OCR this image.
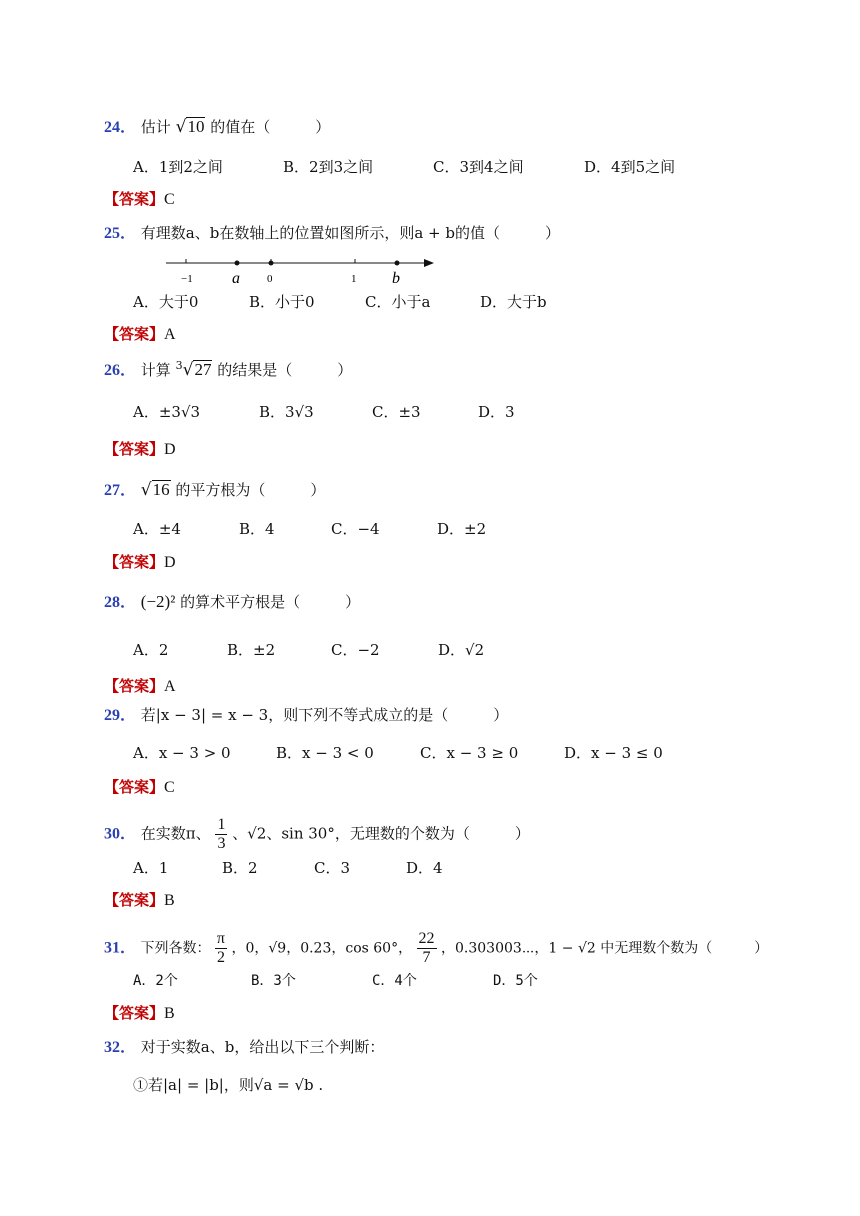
24． 估计 √10 的值在（　　　）
A．1到2之间	B．2到3之间	C．3到4之间	D．4到5之间
【答案】C
25． 有理数a、b在数轴上的位置如图所示，则a + b的值（　　　）
−1	0	1
a	b
A．大于0	B．小于0	C．小于a	D．大于b
【答案】A
26． 计算 $^3$√27 的结果是（　　　）
A．±3√3	B．3√3	C．±3	D．3
【答案】D
27． √16 的平方根为（　　　）
A．±4	B．4	C．−4	D．±2
【答案】D
28． (−2)² 的算术平方根是（　　　）
A．2	B．±2	C．−2	D．√2
【答案】A
29． 若|x − 3| = x − 3，则下列不等式成立的是（　　　）
A．x − 3 > 0	B．x − 3 < 0	C．x − 3 ≥ 0	D．x − 3 ≤ 0
【答案】C
30． 在实数π、 $\frac{1}{3}$ 、√2、sin 30°，无理数的个数为（　　　）
A．1	B．2	C．3	D．4
【答案】B
31． 下列各数： $\frac{\pi}{2}$ ，0，√9，0.23̇，cos 60°， $\frac{22}{7}$ ，0.303003⋯，1 − √2 中无理数个数为（　　　）
A．2个	B．3个	C．4个	D．5个
【答案】B
32． 对于实数a、b，给出以下三个判断：
①若|a| = |b|，则√a = √b .
